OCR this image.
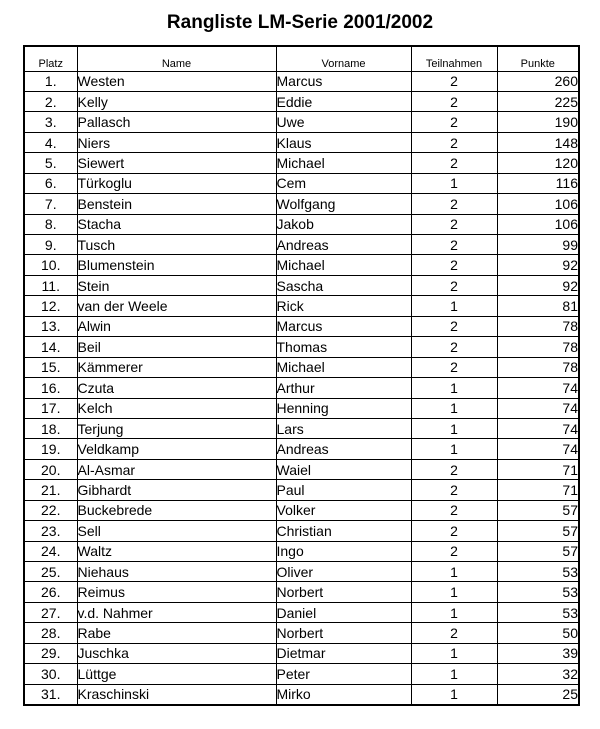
Rangliste LM-Serie 2001/2002
Platz	Name	Vorname	Teilnahmen	Punkte
1.	Westen	Marcus	2	260
2.	Kelly	Eddie	2	225
3.	Pallasch	Uwe	2	190
4.	Niers	Klaus	2	148
5.	Siewert	Michael	2	120
6.	Türkoglu	Cem	1	116
7.	Benstein	Wolfgang	2	106
8.	Stacha	Jakob	2	106
9.	Tusch	Andreas	2	99
10.	Blumenstein	Michael	2	92
11.	Stein	Sascha	2	92
12.	van der Weele	Rick	1	81
13.	Alwin	Marcus	2	78
14.	Beil	Thomas	2	78
15.	Kämmerer	Michael	2	78
16.	Czuta	Arthur	1	74
17.	Kelch	Henning	1	74
18.	Terjung	Lars	1	74
19.	Veldkamp	Andreas	1	74
20.	Al-Asmar	Waiel	2	71
21.	Gibhardt	Paul	2	71
22.	Buckebrede	Volker	2	57
23.	Sell	Christian	2	57
24.	Waltz	Ingo	2	57
25.	Niehaus	Oliver	1	53
26.	Reimus	Norbert	1	53
27.	v.d. Nahmer	Daniel	1	53
28.	Rabe	Norbert	2	50
29.	Juschka	Dietmar	1	39
30.	Lüttge	Peter	1	32
31.	Kraschinski	Mirko	1	25
